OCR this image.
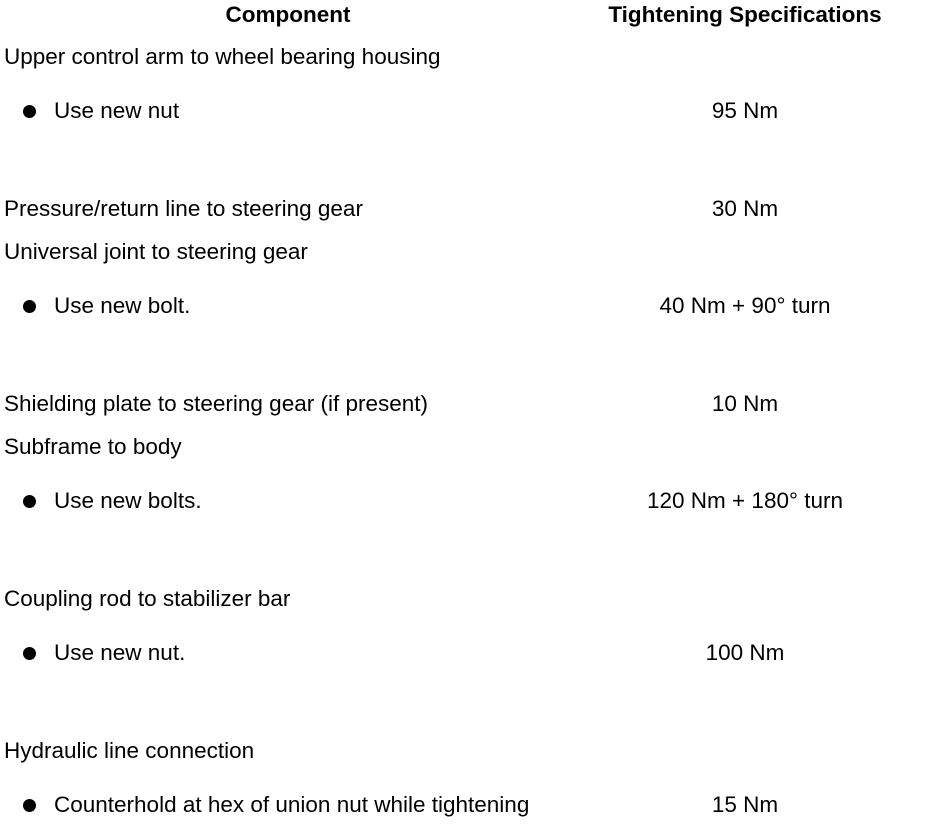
Component	Tightening Specifications
Upper control arm to wheel bearing housing
Use new nut	95 Nm
Pressure/return line to steering gear	30 Nm
Universal joint to steering gear
Use new bolt.	40 Nm + 90° turn
Shielding plate to steering gear (if present)	10 Nm
Subframe to body
Use new bolts.	120 Nm + 180° turn
Coupling rod to stabilizer bar
Use new nut.	100 Nm
Hydraulic line connection
Counterhold at hex of union nut while tightening	15 Nm
